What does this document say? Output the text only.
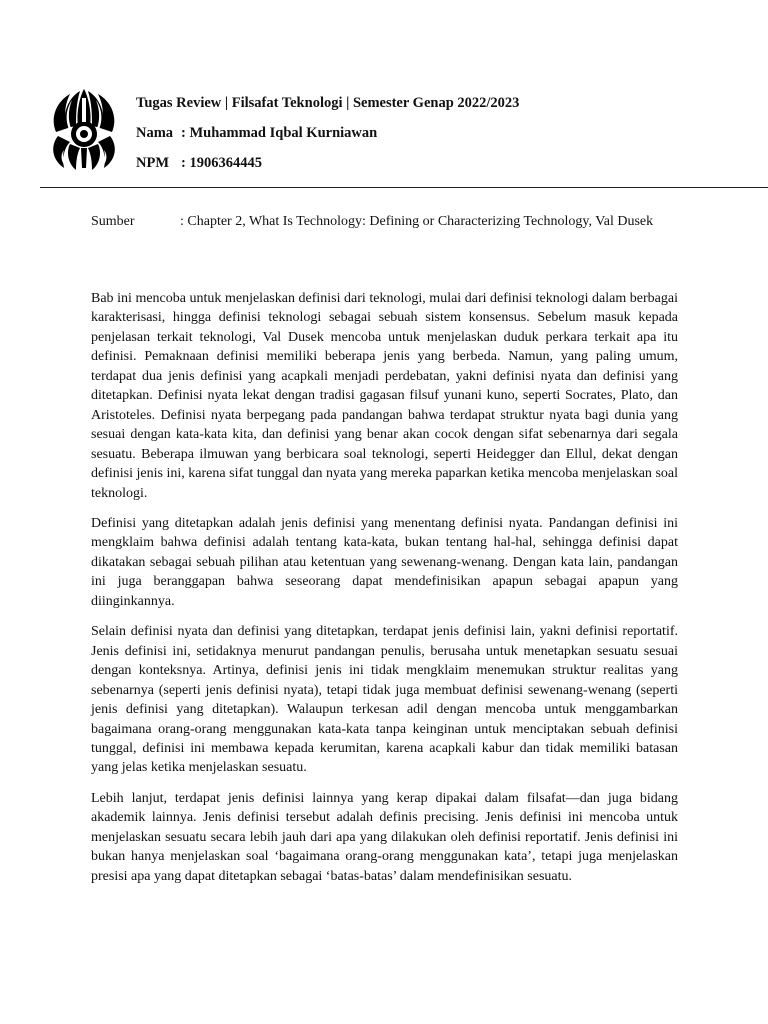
Tugas Review | Filsafat Teknologi | Semester Genap 2022/2023
Nama : Muhammad Iqbal Kurniawan
NPM : 1906364445
Sumber	: Chapter 2, What Is Technology: Defining or Characterizing Technology, Val Dusek

Bab ini mencoba untuk menjelaskan definisi dari teknologi, mulai dari definisi teknologi dalam berbagai karakterisasi, hingga definisi teknologi sebagai sebuah sistem konsensus. Sebelum masuk kepada penjelasan terkait teknologi, Val Dusek mencoba untuk menjelaskan duduk perkara terkait apa itu definisi. Pemaknaan definisi memiliki beberapa jenis yang berbeda. Namun, yang paling umum, terdapat dua jenis definisi yang acapkali menjadi perdebatan, yakni definisi nyata dan definisi yang ditetapkan. Definisi nyata lekat dengan tradisi gagasan filsuf yunani kuno, seperti Socrates, Plato, dan Aristoteles. Definisi nyata berpegang pada pandangan bahwa terdapat struktur nyata bagi dunia yang sesuai dengan kata-kata kita, dan definisi yang benar akan cocok dengan sifat sebenarnya dari segala sesuatu. Beberapa ilmuwan yang berbicara soal teknologi, seperti Heidegger dan Ellul, dekat dengan definisi jenis ini, karena sifat tunggal dan nyata yang mereka paparkan ketika mencoba menjelaskan soal teknologi.

Definisi yang ditetapkan adalah jenis definisi yang menentang definisi nyata. Pandangan definisi ini mengklaim bahwa definisi adalah tentang kata-kata, bukan tentang hal-hal, sehingga definisi dapat dikatakan sebagai sebuah pilihan atau ketentuan yang sewenang-wenang. Dengan kata lain, pandangan ini juga beranggapan bahwa seseorang dapat mendefinisikan apapun sebagai apapun yang diinginkannya.

Selain definisi nyata dan definisi yang ditetapkan, terdapat jenis definisi lain, yakni definisi reportatif. Jenis definisi ini, setidaknya menurut pandangan penulis, berusaha untuk menetapkan sesuatu sesuai dengan konteksnya. Artinya, definisi jenis ini tidak mengklaim menemukan struktur realitas yang sebenarnya (seperti jenis definisi nyata), tetapi tidak juga membuat definisi sewenang-wenang (seperti jenis definisi yang ditetapkan). Walaupun terkesan adil dengan mencoba untuk menggambarkan bagaimana orang-orang menggunakan kata-kata tanpa keinginan untuk menciptakan sebuah definisi tunggal, definisi ini membawa kepada kerumitan, karena acapkali kabur dan tidak memiliki batasan yang jelas ketika menjelaskan sesuatu.

Lebih lanjut, terdapat jenis definisi lainnya yang kerap dipakai dalam filsafat—dan juga bidang akademik lainnya. Jenis definisi tersebut adalah definis precising. Jenis definisi ini mencoba untuk menjelaskan sesuatu secara lebih jauh dari apa yang dilakukan oleh definisi reportatif. Jenis definisi ini bukan hanya menjelaskan soal ‘bagaimana orang-orang menggunakan kata’, tetapi juga menjelaskan presisi apa yang dapat ditetapkan sebagai ‘batas-batas’ dalam mendefinisikan sesuatu.
